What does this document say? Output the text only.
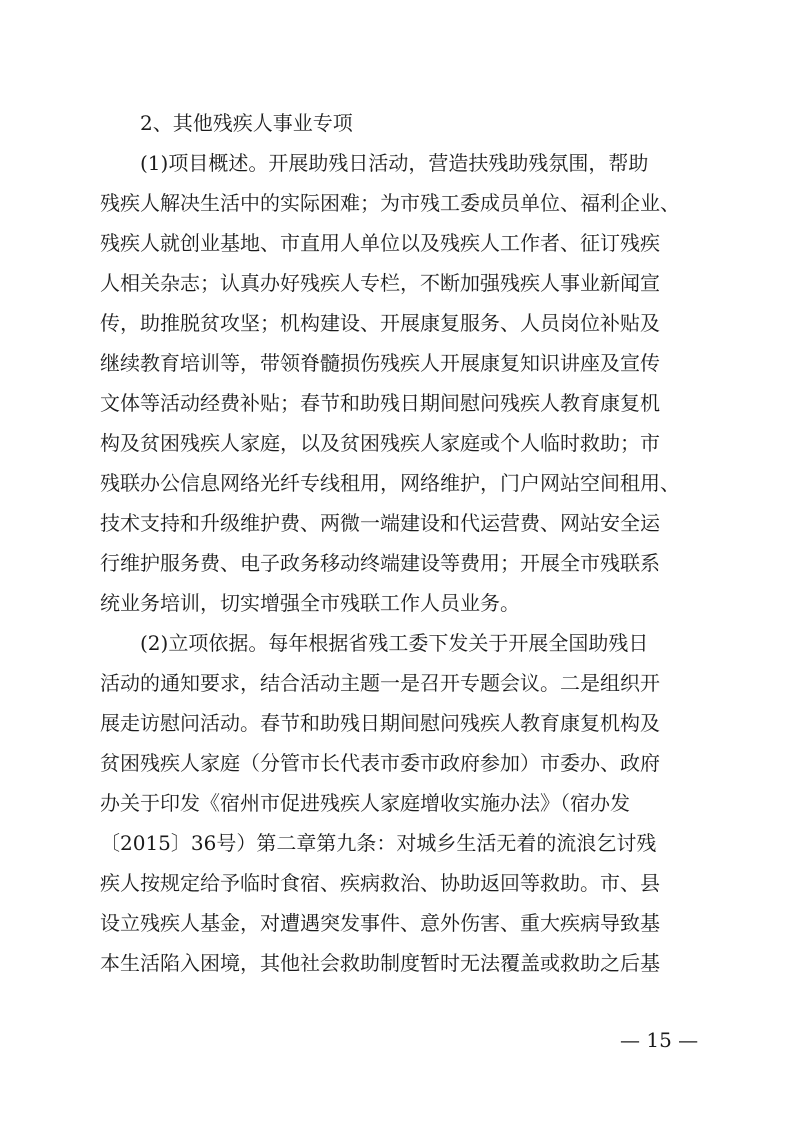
2、其他残疾人事业专项
(1)项目概述。开展助残日活动，营造扶残助残氛围，帮助
残疾人解决生活中的实际困难；为市残工委成员单位、福利企业、
残疾人就创业基地、市直用人单位以及残疾人工作者、征订残疾
人相关杂志；认真办好残疾人专栏，不断加强残疾人事业新闻宣
传，助推脱贫攻坚；机构建设、开展康复服务、人员岗位补贴及
继续教育培训等，带领脊髓损伤残疾人开展康复知识讲座及宣传
文体等活动经费补贴；春节和助残日期间慰问残疾人教育康复机
构及贫困残疾人家庭，以及贫困残疾人家庭或个人临时救助；市
残联办公信息网络光纤专线租用，网络维护，门户网站空间租用、
技术支持和升级维护费、两微一端建设和代运营费、网站安全运
行维护服务费、电子政务移动终端建设等费用；开展全市残联系
统业务培训，切实增强全市残联工作人员业务。
(2)立项依据。每年根据省残工委下发关于开展全国助残日
活动的通知要求，结合活动主题一是召开专题会议。二是组织开
展走访慰问活动。春节和助残日期间慰问残疾人教育康复机构及
贫困残疾人家庭（分管市长代表市委市政府参加）市委办、政府
办关于印发《宿州市促进残疾人家庭增收实施办法》（宿办发
〔2015〕36号）第二章第九条：对城乡生活无着的流浪乞讨残
疾人按规定给予临时食宿、疾病救治、协助返回等救助。市、县
设立残疾人基金，对遭遇突发事件、意外伤害、重大疾病导致基
本生活陷入困境，其他社会救助制度暂时无法覆盖或救助之后基
— 15 —
